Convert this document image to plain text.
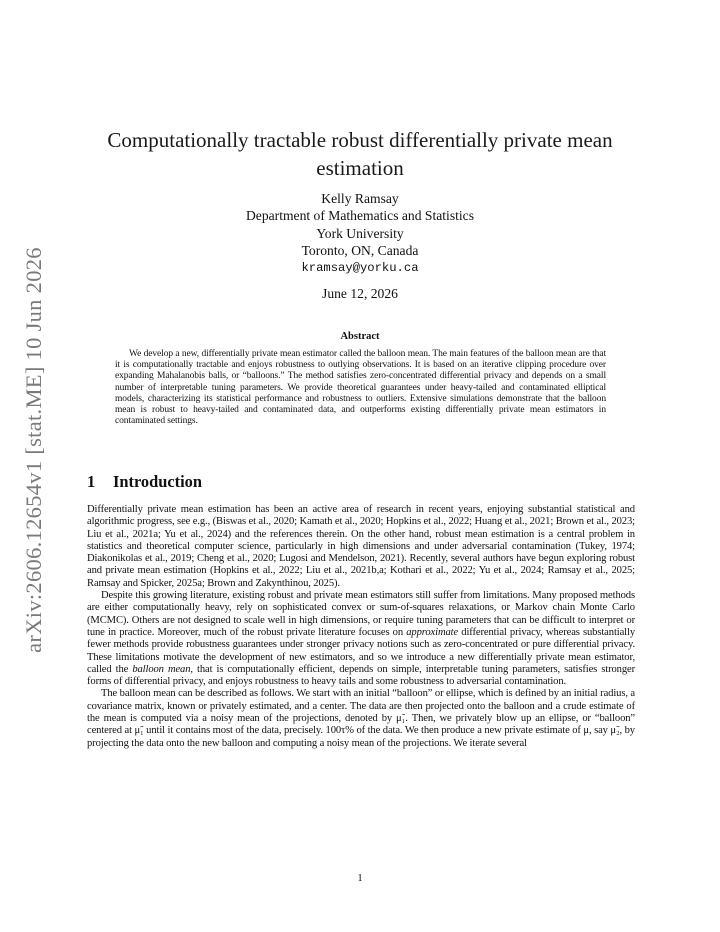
arXiv:2606.12654v1 [stat.ME] 10 Jun 2026
Computationally tractable robust differentially private mean estimation
Kelly Ramsay
Department of Mathematics and Statistics
York University
Toronto, ON, Canada
kramsay@yorku.ca
June 12, 2026
Abstract

We develop a new, differentially private mean estimator called the balloon mean. The main features of the balloon mean are that it is computationally tractable and enjoys robustness to outlying observations. It is based on an iterative clipping procedure over expanding Mahalanobis balls, or “balloons.” The method satisfies zero-concentrated differential privacy and depends on a small number of interpretable tuning parameters. We provide theoretical guarantees under heavy-tailed and contaminated elliptical models, characterizing its statistical performance and robustness to outliers. Extensive simulations demonstrate that the balloon mean is robust to heavy-tailed and contaminated data, and outperforms existing differentially private mean estimators in contaminated settings.

1 Introduction

Differentially private mean estimation has been an active area of research in recent years, enjoying substantial statistical and algorithmic progress, see e.g., (Biswas et al., 2020; Kamath et al., 2020; Hopkins et al., 2022; Huang et al., 2021; Brown et al., 2023; Liu et al., 2021a; Yu et al., 2024) and the references therein. On the other hand, robust mean estimation is a central problem in statistics and theoretical computer science, particularly in high dimensions and under adversarial contamination (Tukey, 1974; Diakonikolas et al., 2019; Cheng et al., 2020; Lugosi and Mendelson, 2021). Recently, several authors have begun exploring robust and private mean estimation (Hopkins et al., 2022; Liu et al., 2021b,a; Kothari et al., 2022; Yu et al., 2024; Ramsay et al., 2025; Ramsay and Spicker, 2025a; Brown and Zakynthinou, 2025).

Despite this growing literature, existing robust and private mean estimators still suffer from limitations. Many proposed methods are either computationally heavy, rely on sophisticated convex or sum-of-squares relaxations, or Markov chain Monte Carlo (MCMC). Others are not designed to scale well in high dimensions, or require tuning parameters that can be difficult to interpret or tune in practice. Moreover, much of the robust private literature focuses on approximate differential privacy, whereas substantially fewer methods provide robustness guarantees under stronger privacy notions such as zero-concentrated or pure differential privacy. These limitations motivate the development of new estimators, and so we introduce a new differentially private mean estimator, called the balloon mean, that is computationally efficient, depends on simple, interpretable tuning parameters, satisfies stronger forms of differential privacy, and enjoys robustness to heavy tails and some robustness to adversarial contamination.

The balloon mean can be described as follows. We start with an initial “balloon” or ellipse, which is defined by an initial radius, a covariance matrix, known or privately estimated, and a center. The data are then projected onto the balloon and a crude estimate of the mean is computed via a noisy mean of the projections, denoted by μ̃₁. Then, we privately blow up an ellipse, or “balloon” centered at μ̃₁ until it contains most of the data, precisely. 100τ% of the data. We then produce a new private estimate of μ, say μ̃₂, by projecting the data onto the new balloon and computing a noisy mean of the projections. We iterate several

1
